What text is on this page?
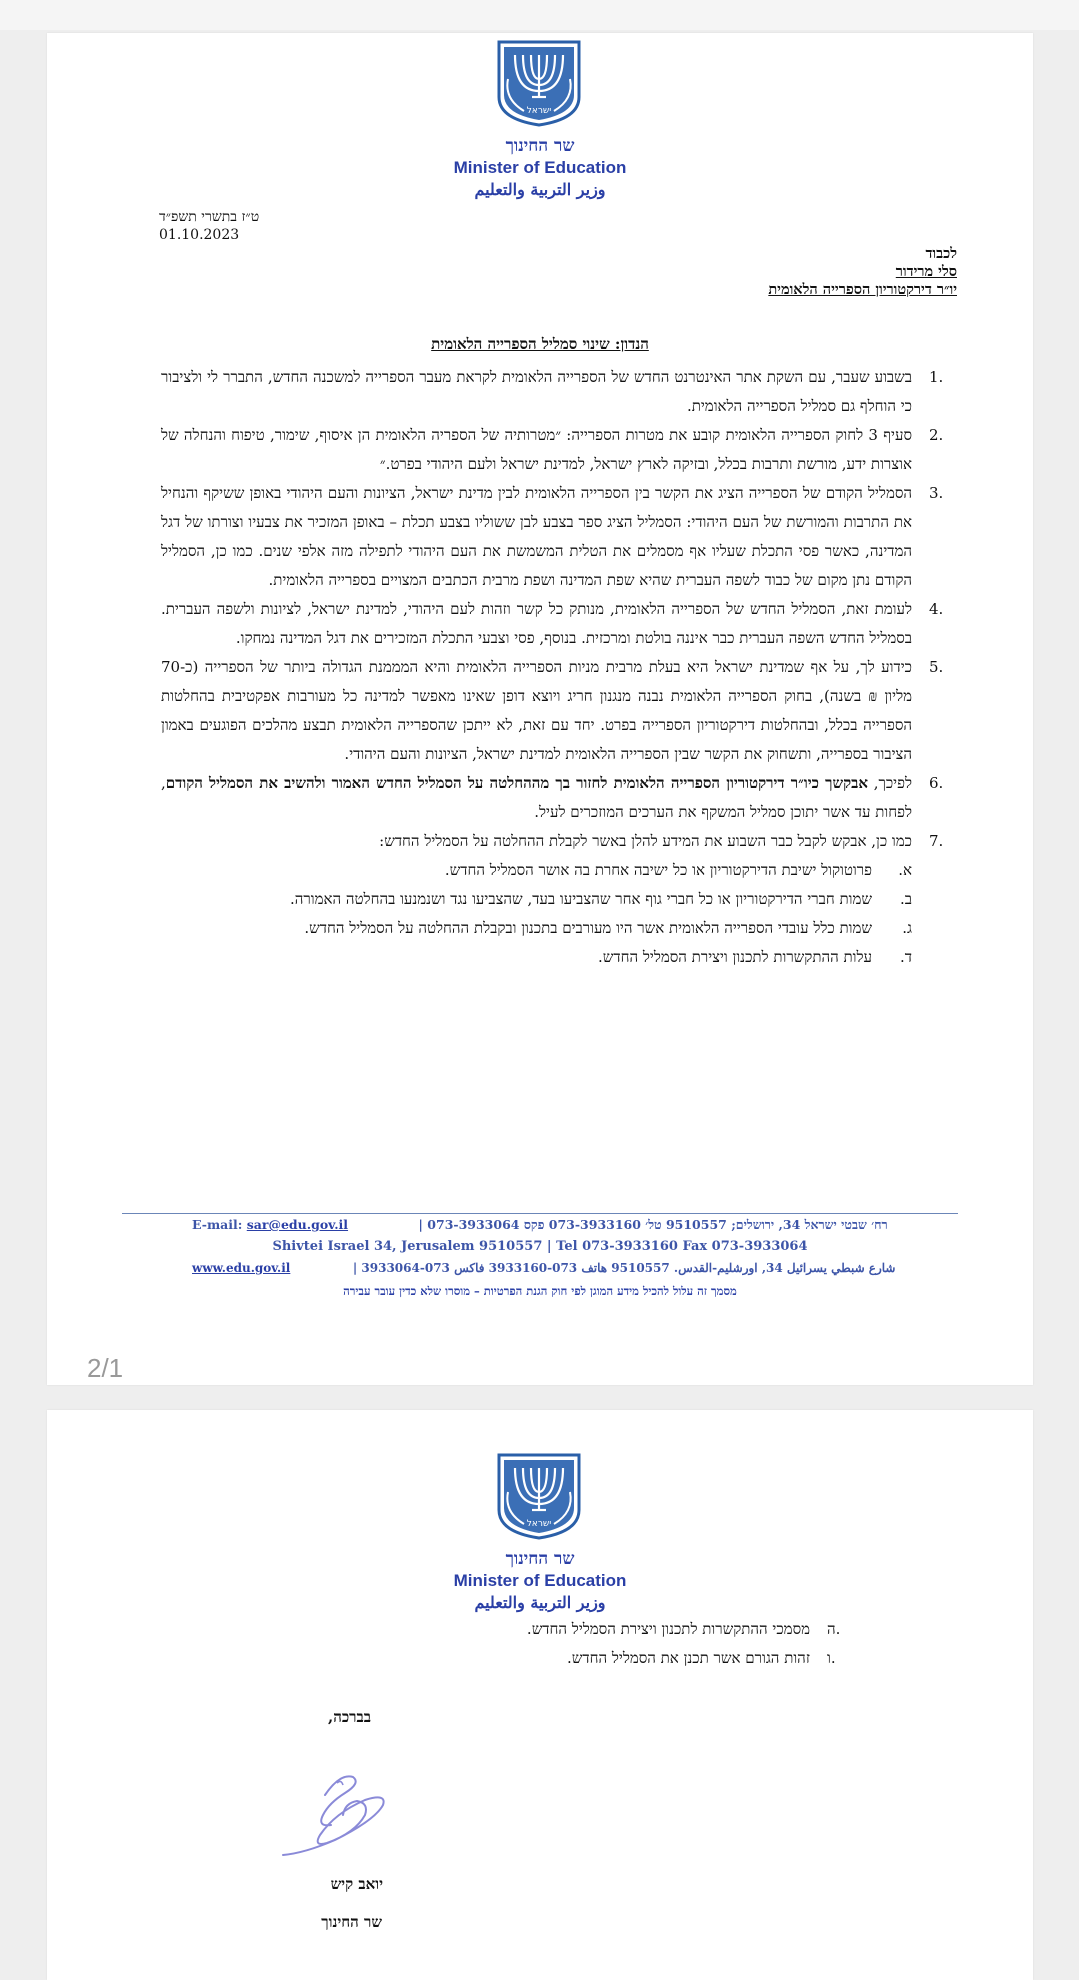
ישראל
שר החינוך
Minister of Education
وزير التربية والتعليم
ט״ז בתשרי תשפ״ד
01.10.2023
לכבוד
סלי מרידור
יו״ר דירקטוריון הספרייה הלאומית
הנדון: שינוי סמליל הספרייה הלאומית
1.
בשבוע שעבר, עם השקת אתר האינטרנט החדש של הספרייה הלאומית לקראת מעבר הספרייה למשכנה החדש, התברר לי ולציבור כי הוחלף גם סמליל הספרייה הלאומית.
2.
סעיף 3 לחוק הספרייה הלאומית קובע את מטרות הספרייה: ״מטרותיה של הספריה הלאומית הן איסוף, שימור, טיפוח והנחלה של אוצרות ידע, מורשת ותרבות בכלל, ובזיקה לארץ ישראל, למדינת ישראל ולעם היהודי בפרט.״
3.
הסמליל הקודם של הספרייה הציג את הקשר בין הספרייה הלאומית לבין מדינת ישראל, הציונות והעם היהודי באופן ששיקף והנחיל את התרבות והמורשת של העם היהודי: הסמליל הציג ספר בצבע לבן ששוליו בצבע תכלת – באופן המזכיר את צבעיו וצורתו של דגל המדינה, כאשר פסי התכלת שעליו אף מסמלים את הטלית המשמשת את העם היהודי לתפילה מזה אלפי שנים. כמו כן, הסמליל הקודם נתן מקום של כבוד לשפה העברית שהיא שפת המדינה ושפת מרבית הכתבים המצויים בספרייה הלאומית.
4.
לעומת זאת, הסמליל החדש של הספרייה הלאומית, מנותק כל קשר וזהות לעם היהודי, למדינת ישראל, לציונות ולשפה העברית. בסמליל החדש השפה העברית כבר איננה בולטת ומרכזית. בנוסף, פסי וצבעי התכלת המזכירים את דגל המדינה נמחקו.
5.
כידוע לך, על אף שמדינת ישראל היא בעלת מרבית מניות הספרייה הלאומית והיא המממנת הגדולה ביותר של הספרייה (כ-70 מליון ₪ בשנה), בחוק הספרייה הלאומית נבנה מנגנון חריג ויוצא דופן שאינו מאפשר למדינה כל מעורבות אפקטיבית בהחלטות הספרייה בכלל, ובהחלטות דירקטוריון הספרייה בפרט. יחד עם זאת, לא ייתכן שהספרייה הלאומית תבצע מהלכים הפוגעים באמון הציבור בספרייה, ותשחוק את הקשר שבין הספרייה הלאומית למדינת ישראל, הציונות והעם היהודי.
6.
לפיכך, אבקשך כיו״ר דירקטוריון הספרייה הלאומית לחזור בך מההחלטה על הסמליל החדש האמור ולהשיב את הסמליל הקודם, לפחות עד אשר יתוכן סמליל המשקף את הערכים המוזכרים לעיל.
7.
כמו כן, אבקש לקבל כבר השבוע את המידע להלן באשר לקבלת ההחלטה על הסמליל החדש:
א.
פרוטוקול ישיבת הדירקטוריון או כל ישיבה אחרת בה אושר הסמליל החדש.
ב.
שמות חברי הדירקטוריון או כל חברי גוף אחר שהצביעו בעד, שהצביעו נגד ושנמנעו בהחלטה האמורה.
ג.
שמות כלל עובדי הספרייה הלאומית אשר היו מעורבים בתכנון ובקבלת ההחלטה על הסמליל החדש.
ד.
עלות ההתקשרות לתכנון ויצירת הסמליל החדש.
רח׳ שבטי ישראל 34, ירושלים; 9510557 טל׳ 073-3933160 פקס 073-3933064 |
E-mail: sar@edu.gov.il
Shivtei Israel 34, Jerusalem 9510557 | Tel 073-3933160 Fax 073-3933064
شارع شبطي يسرائيل 34, اورشليم-القدس. 9510557 هاتف 073-3933160 فاكس 073-3933064 |
www.edu.gov.il
מסמך זה עלול להכיל מידע המוגן לפי חוק הגנת הפרטיות – מוסרו שלא כדין עובר עבירה
2/1
ישראל
שר החינוך
Minister of Education
وزير التربية والتعليم
ה.
מסמכי ההתקשרות לתכנון ויצירת הסמליל החדש.
ו.
זהות הגורם אשר תכנן את הסמליל החדש.
בברכה,
יואב קיש
שר החינוך
